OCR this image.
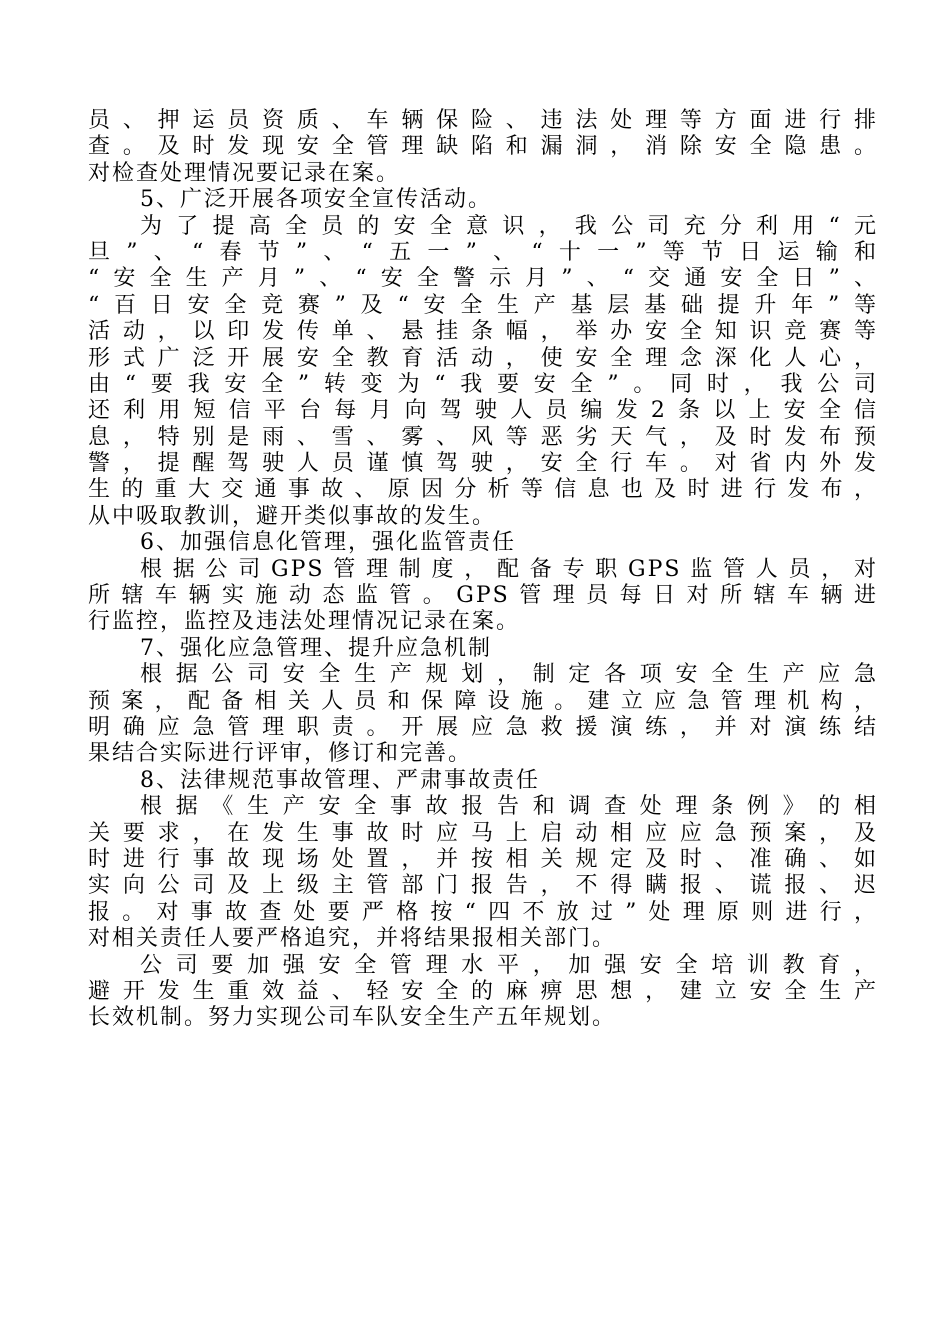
员、押运员资质、车辆保险、违法处理等方面进行排
查。及时发现安全管理缺陷和漏洞，消除安全隐患。
对检查处理情况要记录在案。
5、广泛开展各项安全宣传活动。
为了提高全员的安全意识，我公司充分利用“元
旦”、“春节”、“五一”、“十一”等节日运输和
“安全生产月”、“安全警示月”、“交通安全日”、
“百日安全竞赛”及“安全生产基层基础提升年”等
活动，以印发传单、悬挂条幅，举办安全知识竞赛等
形式广泛开展安全教育活动，使安全理念深化人心，
由“要我安全”转变为“我要安全”。同时，我公司
还利用短信平台每月向驾驶人员编发2条以上安全信
息，特别是雨、雪、雾、风等恶劣天气，及时发布预
警，提醒驾驶人员谨慎驾驶，安全行车。对省内外发
生的重大交通事故、原因分析等信息也及时进行发布，
从中吸取教训，避开类似事故的发生。
6、加强信息化管理，强化监管责任
根据公司GPS管理制度，配备专职GPS监管人员，对
所辖车辆实施动态监管。GPS管理员每日对所辖车辆进
行监控，监控及违法处理情况记录在案。
7、强化应急管理、提升应急机制
根据公司安全生产规划，制定各项安全生产应急
预案，配备相关人员和保障设施。建立应急管理机构，
明确应急管理职责。开展应急救援演练，并对演练结
果结合实际进行评审，修订和完善。
8、法律规范事故管理、严肃事故责任
根据《生产安全事故报告和调查处理条例》的相
关要求，在发生事故时应马上启动相应应急预案，及
时进行事故现场处置，并按相关规定及时、准确、如
实向公司及上级主管部门报告，不得瞒报、谎报、迟
报。对事故查处要严格按“四不放过”处理原则进行，
对相关责任人要严格追究，并将结果报相关部门。
公司要加强安全管理水平，加强安全培训教育，
避开发生重效益、轻安全的麻痹思想，建立安全生产
长效机制。努力实现公司车队安全生产五年规划。
